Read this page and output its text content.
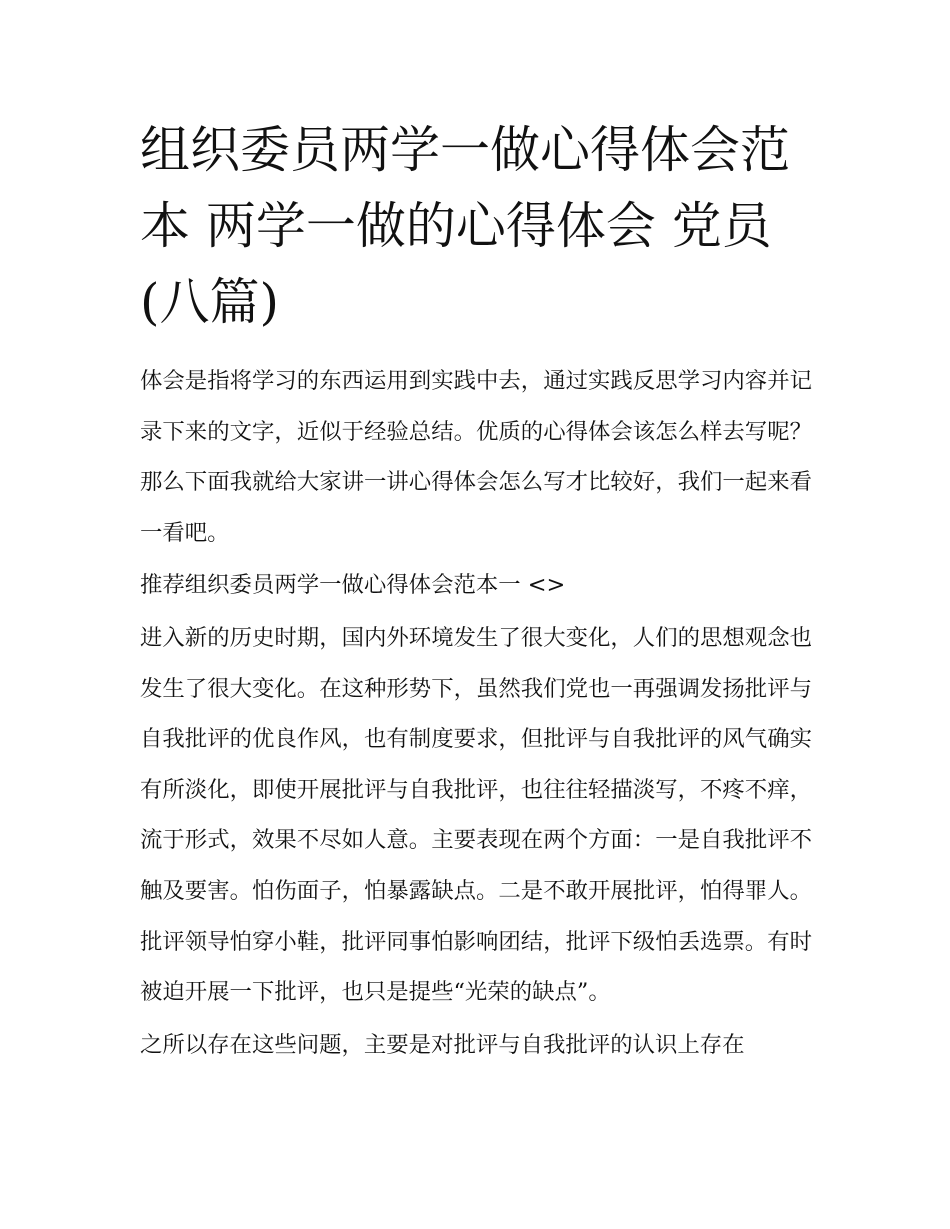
组织委员两学一做心得体会范本 两学一做的心得体会 党员(八篇)

体会是指将学习的东西运用到实践中去，通过实践反思学习内容并记录下来的文字，近似于经验总结。优质的心得体会该怎么样去写呢？那么下面我就给大家讲一讲心得体会怎么写才比较好，我们一起来看一看吧。

推荐组织委员两学一做心得体会范本一 <>

进入新的历史时期，国内外环境发生了很大变化，人们的思想观念也发生了很大变化。在这种形势下，虽然我们党也一再强调发扬批评与自我批评的优良作风，也有制度要求，但批评与自我批评的风气确实有所淡化，即使开展批评与自我批评，也往往轻描淡写，不疼不痒，流于形式，效果不尽如人意。主要表现在两个方面：一是自我批评不触及要害。怕伤面子，怕暴露缺点。二是不敢开展批评，怕得罪人。批评领导怕穿小鞋，批评同事怕影响团结，批评下级怕丢选票。有时被迫开展一下批评，也只是提些“光荣的缺点”。

之所以存在这些问题，主要是对批评与自我批评的认识上存在
